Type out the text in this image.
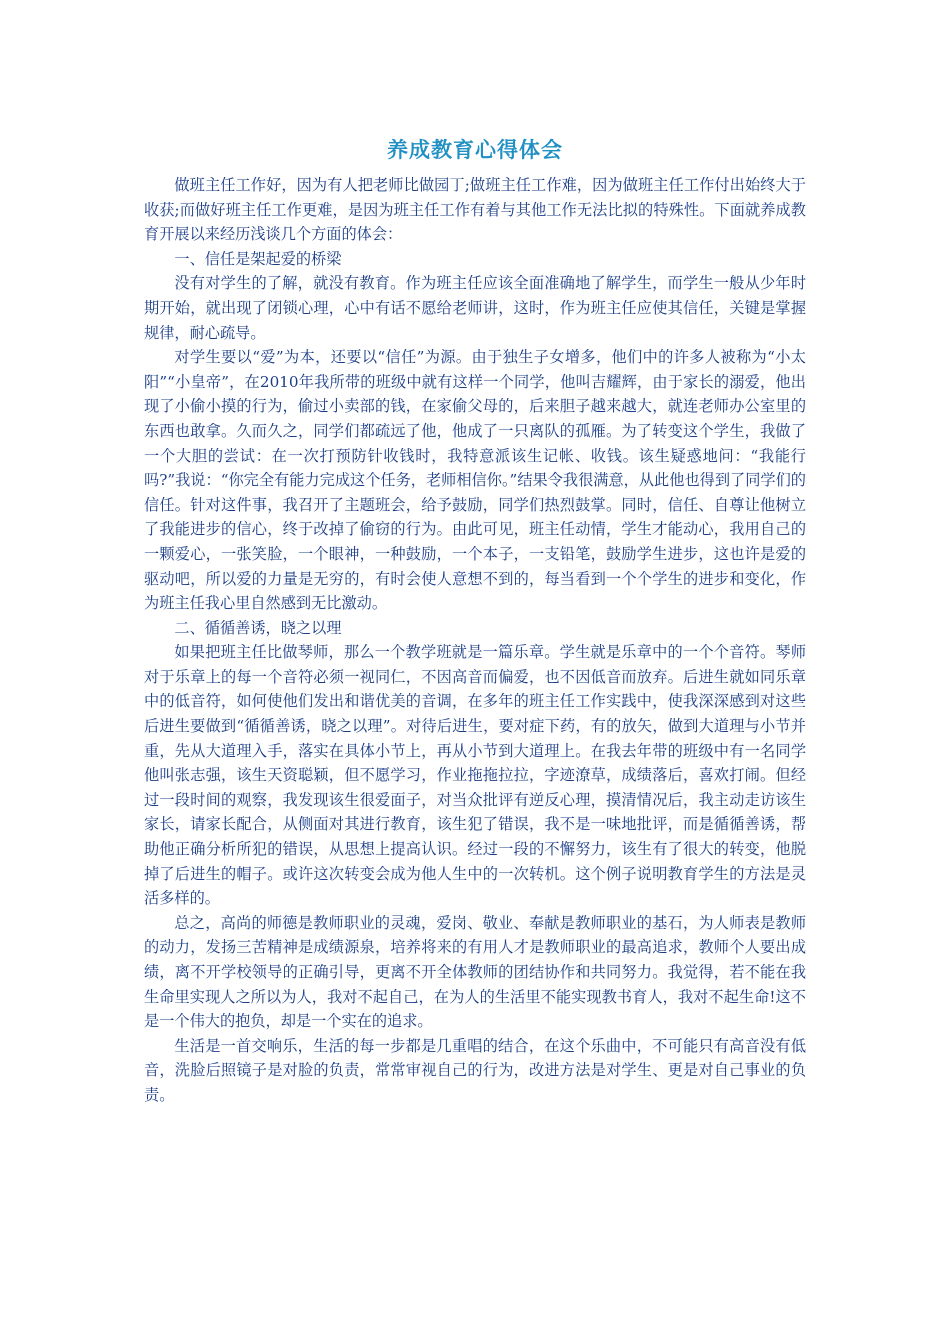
养成教育心得体会

做班主任工作好，因为有人把老师比做园丁;做班主任工作难，因为做班主任工作付出始终大于收获;而做好班主任工作更难，是因为班主任工作有着与其他工作无法比拟的特殊性。下面就养成教育开展以来经历浅谈几个方面的体会：

一、信任是架起爱的桥梁

没有对学生的了解，就没有教育。作为班主任应该全面准确地了解学生，而学生一般从少年时期开始，就出现了闭锁心理，心中有话不愿给老师讲，这时，作为班主任应使其信任，关键是掌握规律，耐心疏导。

对学生要以“爱”为本，还要以“信任”为源。由于独生子女增多，他们中的许多人被称为“小太阳”“小皇帝”，在2010年我所带的班级中就有这样一个同学，他叫吉耀辉，由于家长的溺爱，他出现了小偷小摸的行为，偷过小卖部的钱，在家偷父母的，后来胆子越来越大，就连老师办公室里的东西也敢拿。久而久之，同学们都疏远了他，他成了一只离队的孤雁。为了转变这个学生，我做了一个大胆的尝试：在一次打预防针收钱时，我特意派该生记帐、收钱。该生疑惑地问：“我能行吗?”我说：“你完全有能力完成这个任务，老师相信你。”结果令我很满意，从此他也得到了同学们的信任。针对这件事，我召开了主题班会，给予鼓励，同学们热烈鼓掌。同时，信任、自尊让他树立了我能进步的信心，终于改掉了偷窃的行为。由此可见，班主任动情，学生才能动心，我用自己的一颗爱心，一张笑脸，一个眼神，一种鼓励，一个本子，一支铅笔，鼓励学生进步，这也许是爱的驱动吧，所以爱的力量是无穷的，有时会使人意想不到的，每当看到一个个学生的进步和变化，作为班主任我心里自然感到无比激动。

二、循循善诱，晓之以理

如果把班主任比做琴师，那么一个教学班就是一篇乐章。学生就是乐章中的一个个音符。琴师对于乐章上的每一个音符必须一视同仁，不因高音而偏爱，也不因低音而放弃。后进生就如同乐章中的低音符，如何使他们发出和谐优美的音调，在多年的班主任工作实践中，使我深深感到对这些后进生要做到“循循善诱，晓之以理”。对待后进生，要对症下药，有的放矢，做到大道理与小节并重，先从大道理入手，落实在具体小节上，再从小节到大道理上。在我去年带的班级中有一名同学他叫张志强，该生天资聪颖，但不愿学习，作业拖拖拉拉，字迹潦草，成绩落后，喜欢打闹。但经过一段时间的观察，我发现该生很爱面子，对当众批评有逆反心理，摸清情况后，我主动走访该生家长，请家长配合，从侧面对其进行教育，该生犯了错误，我不是一味地批评，而是循循善诱，帮助他正确分析所犯的错误，从思想上提高认识。经过一段的不懈努力，该生有了很大的转变，他脱掉了后进生的帽子。或许这次转变会成为他人生中的一次转机。这个例子说明教育学生的方法是灵活多样的。

总之，高尚的师德是教师职业的灵魂，爱岗、敬业、奉献是教师职业的基石，为人师表是教师的动力，发扬三苦精神是成绩源泉，培养将来的有用人才是教师职业的最高追求，教师个人要出成绩，离不开学校领导的正确引导，更离不开全体教师的团结协作和共同努力。我觉得，若不能在我生命里实现人之所以为人，我对不起自己，在为人的生活里不能实现教书育人，我对不起生命!这不是一个伟大的抱负，却是一个实在的追求。

生活是一首交响乐，生活的每一步都是几重唱的结合，在这个乐曲中，不可能只有高音没有低音，洗脸后照镜子是对脸的负责，常常审视自己的行为，改进方法是对学生、更是对自己事业的负责。
